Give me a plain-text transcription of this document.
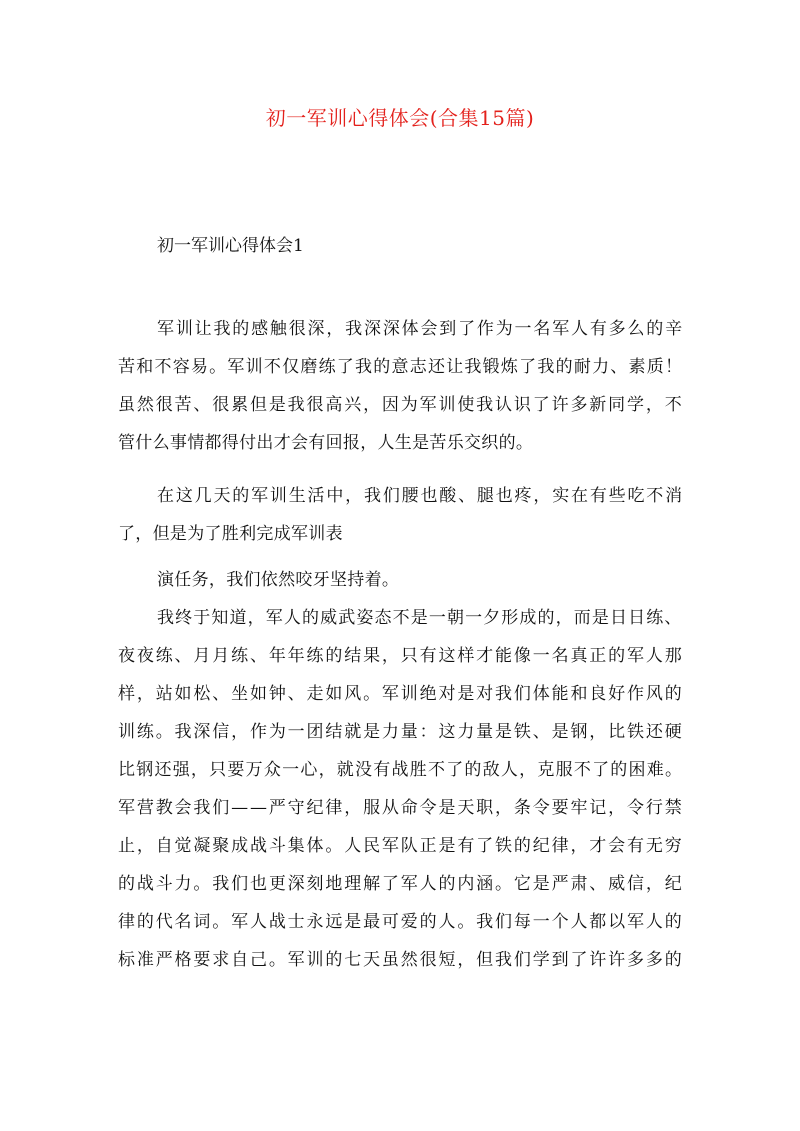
初一军训心得体会(合集15篇)
初一军训心得体会1
军训让我的感触很深，我深深体会到了作为一名军人有多么的辛
苦和不容易。军训不仅磨练了我的意志还让我锻炼了我的耐力、素质！
虽然很苦、很累但是我很高兴，因为军训使我认识了许多新同学，不
管什么事情都得付出才会有回报，人生是苦乐交织的。
在这几天的军训生活中，我们腰也酸、腿也疼，实在有些吃不消
了，但是为了胜利完成军训表
演任务，我们依然咬牙坚持着。
我终于知道，军人的威武姿态不是一朝一夕形成的，而是日日练、
夜夜练、月月练、年年练的结果，只有这样才能像一名真正的军人那
样，站如松、坐如钟、走如风。军训绝对是对我们体能和良好作风的
训练。我深信，作为一团结就是力量：这力量是铁、是钢，比铁还硬
比钢还强，只要万众一心，就没有战胜不了的敌人，克服不了的困难。
军营教会我们——严守纪律，服从命令是天职，条令要牢记，令行禁
止，自觉凝聚成战斗集体。人民军队正是有了铁的纪律，才会有无穷
的战斗力。我们也更深刻地理解了军人的内涵。它是严肃、威信，纪
律的代名词。军人战士永远是最可爱的人。我们每一个人都以军人的
标准严格要求自己。军训的七天虽然很短，但我们学到了许许多多的
